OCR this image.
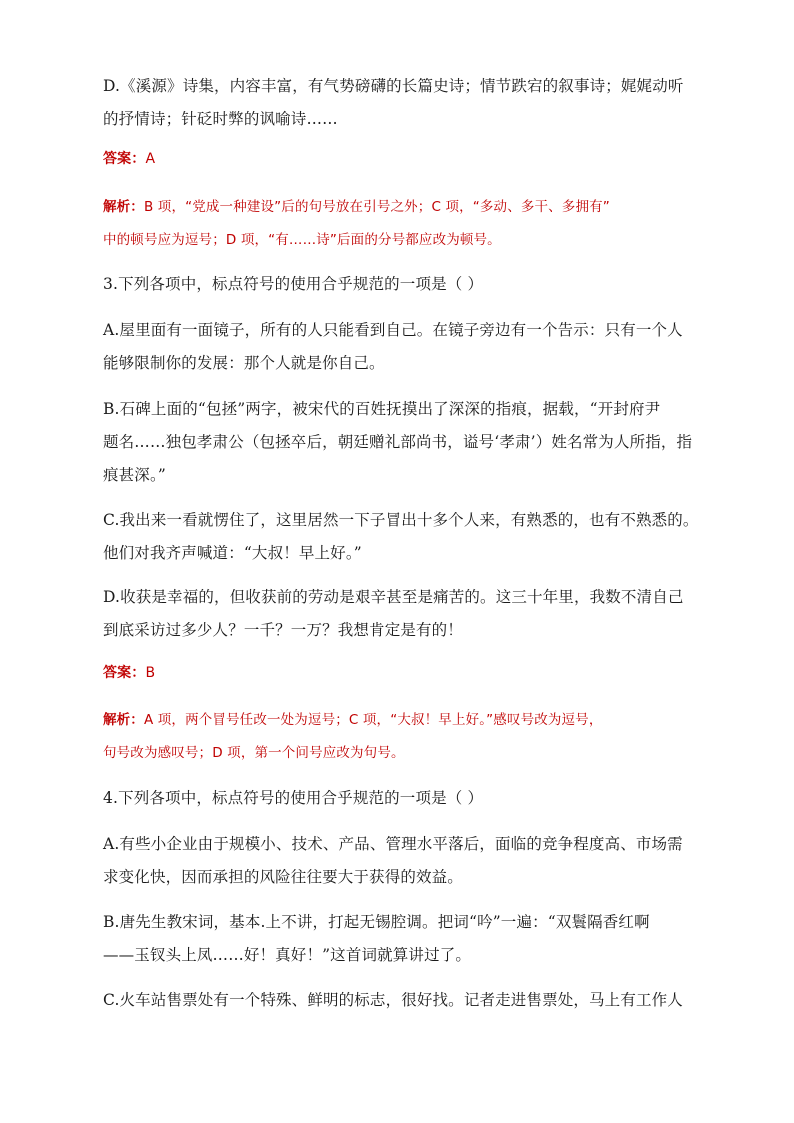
D.《溪源》诗集，内容丰富，有气势磅礴的长篇史诗；情节跌宕的叙事诗；娓娓动听
的抒情诗；针砭时弊的讽喻诗……
答案：A
解析：B 项，“党成一种建设”后的句号放在引号之外；C 项，“多动、多干、多拥有”
中的顿号应为逗号；D 项，“有……诗”后面的分号都应改为顿号。
3.下列各项中，标点符号的使用合乎规范的一项是（ ）
A.屋里面有一面镜子，所有的人只能看到自己。在镜子旁边有一个告示：只有一个人
能够限制你的发展：那个人就是你自己。
B.石碑上面的“包拯”两字，被宋代的百姓抚摸出了深深的指痕，据载，“开封府尹
题名……独包孝肃公（包拯卒后，朝廷赠礼部尚书，谥号‘孝肃’）姓名常为人所指，指
痕甚深。”
C.我出来一看就愣住了，这里居然一下子冒出十多个人来，有熟悉的，也有不熟悉的。
他们对我齐声喊道：“大叔！早上好。”
D.收获是幸福的，但收获前的劳动是艰辛甚至是痛苦的。这三十年里，我数不清自己
到底采访过多少人？一千？一万？我想肯定是有的！
答案：B
解析：A 项，两个冒号任改一处为逗号；C 项，“大叔！早上好。”感叹号改为逗号，
句号改为感叹号；D 项，第一个问号应改为句号。
4.下列各项中，标点符号的使用合乎规范的一项是（ ）
A.有些小企业由于规模小、技术、产品、管理水平落后，面临的竞争程度高、市场需
求变化快，因而承担的风险往往要大于获得的效益。
B.唐先生教宋词，基本.上不讲，打起无锡腔调。把词“吟”一遍：“双鬟隔香红啊
——玉钗头上凤……好！真好！”这首词就算讲过了。
C.火车站售票处有一个特殊、鲜明的标志，很好找。记者走进售票处，马上有工作人
